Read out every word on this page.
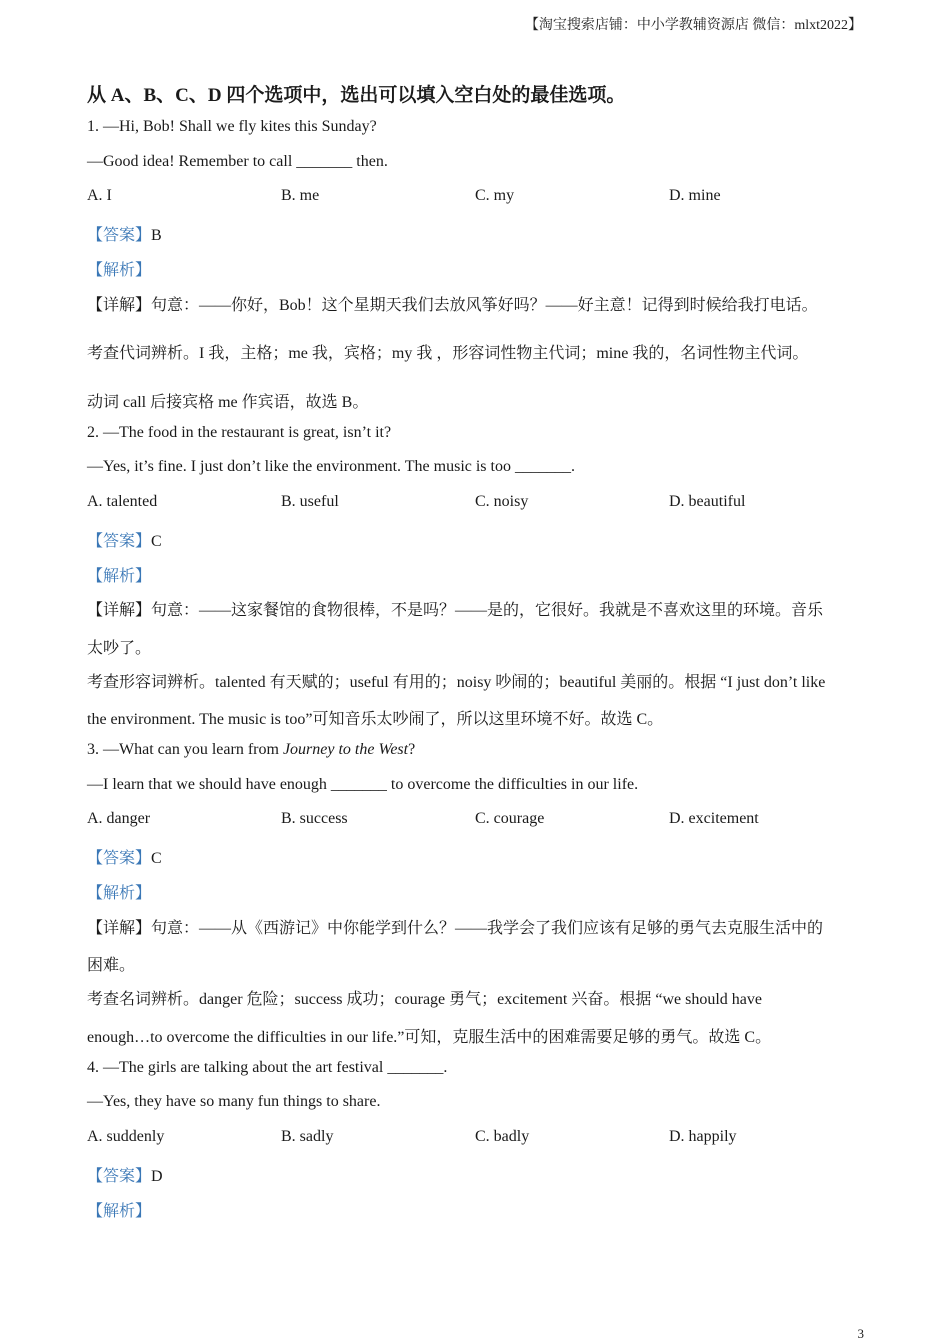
【淘宝搜索店铺：中小学教辅资源店 微信：mlxt2022】
从 A、B、C、D 四个选项中，选出可以填入空白处的最佳选项。
1. —Hi, Bob! Shall we fly kites this Sunday?
—Good idea! Remember to call _______ then.
A. I	B. me	C. my	D. mine
【答案】B
【解析】
【详解】句意：——你好，Bob！这个星期天我们去放风筝好吗？——好主意！记得到时候给我打电话。
考查代词辨析。I 我，主格；me 我，宾格；my 我 ，形容词性物主代词；mine 我的，名词性物主代词。
动词 call 后接宾格 me 作宾语，故选 B。
2. —The food in the restaurant is great, isn’t it?
—Yes, it’s fine. I just don’t like the environment. The music is too _______.
A. talented	B. useful	C. noisy	D. beautiful
【答案】C
【解析】
【详解】句意：——这家餐馆的食物很棒，不是吗？——是的，它很好。我就是不喜欢这里的环境。音乐
太吵了。
考查形容词辨析。talented 有天赋的；useful 有用的；noisy 吵闹的；beautiful 美丽的。根据 “I just don’t like
the environment. The music is too”可知音乐太吵闹了，所以这里环境不好。故选 C。
3. —What can you learn from Journey to the West?
—I learn that we should have enough _______ to overcome the difficulties in our life.
A. danger	B. success	C. courage	D. excitement
【答案】C
【解析】
【详解】句意：——从《西游记》中你能学到什么？——我学会了我们应该有足够的勇气去克服生活中的
困难。
考查名词辨析。danger 危险；success 成功；courage 勇气；excitement 兴奋。根据 “we should have
enough…to overcome the difficulties in our life.”可知，克服生活中的困难需要足够的勇气。故选 C。
4. —The girls are talking about the art festival _______.
—Yes, they have so many fun things to share.
A. suddenly	B. sadly	C. badly	D. happily
【答案】D
【解析】
3
